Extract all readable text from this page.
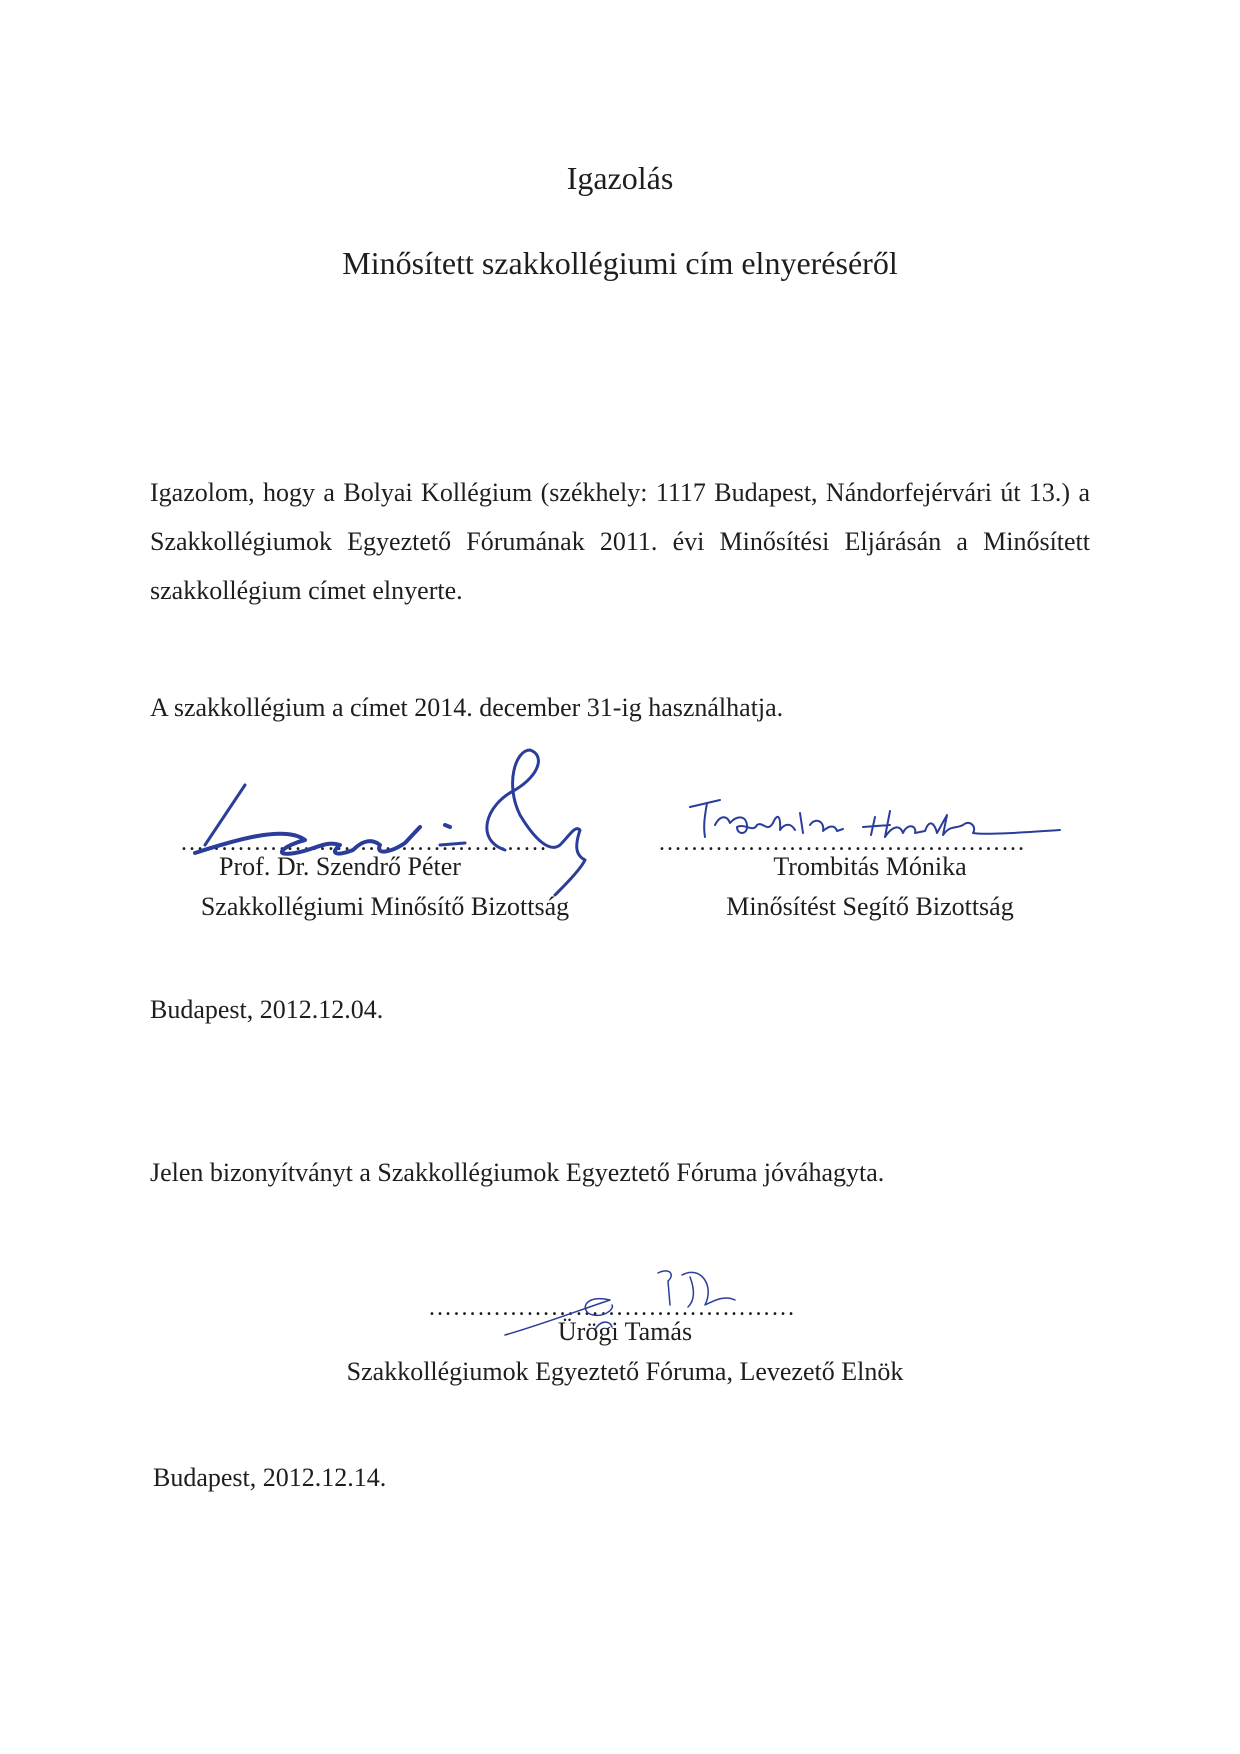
Igazolás
Minősített szakkollégiumi cím elnyeréséről
Igazolom, hogy a Bolyai Kollégium (székhely: 1117 Budapest, Nándorfejérvári út 13.) a Szakkollégiumok Egyeztető Fórumának 2011. évi Minősítési Eljárásán a Minősített szakkollégium címet elnyerte.
A szakkollégium a címet 2014. december 31-ig használhatja.
………………………………………
Prof. Dr. Szendrő Péter
Szakkollégiumi Minősítő Bizottság
………………………………………
Trombitás Mónika
Minősítést Segítő Bizottság
Budapest, 2012.12.04.
Jelen bizonyítványt a Szakkollégiumok Egyeztető Fóruma jóváhagyta.
………………………………………
Ürögi Tamás
Szakkollégiumok Egyeztető Fóruma, Levezető Elnök
Budapest, 2012.12.14.
